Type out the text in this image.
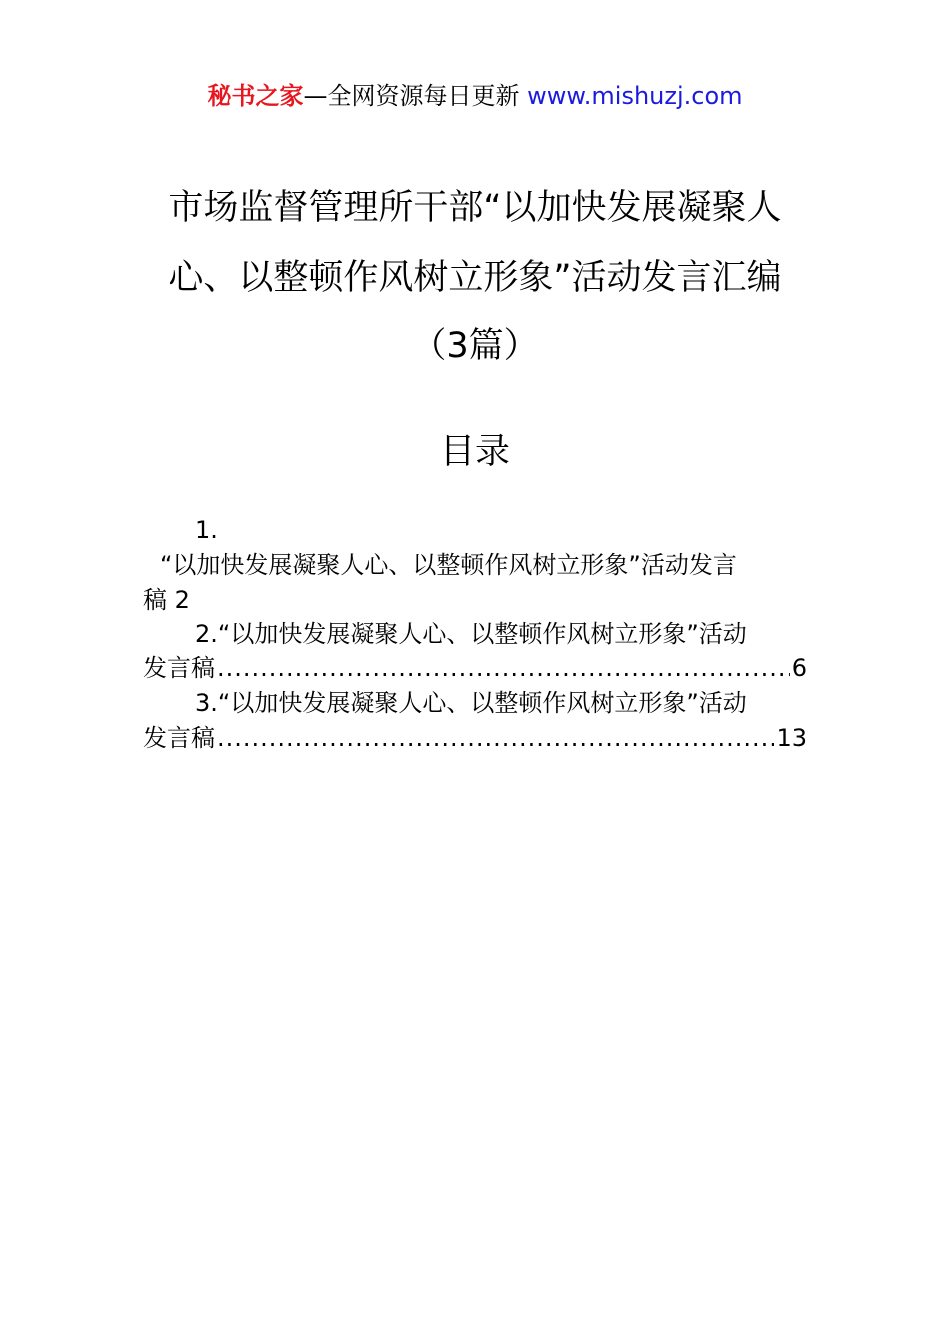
秘书之家—全网资源每日更新 www.mishuzj.com
市场监督管理所干部“以加快发展凝聚人
心、以整顿作风树立形象”活动发言汇编
（3篇）
目录
1.
“以加快发展凝聚人心、以整顿作风树立形象”活动发言
稿 2
2.“以加快发展凝聚人心、以整顿作风树立形象”活动
发言稿 .....	6
3.“以加快发展凝聚人心、以整顿作风树立形象”活动
发言稿 .....	13
